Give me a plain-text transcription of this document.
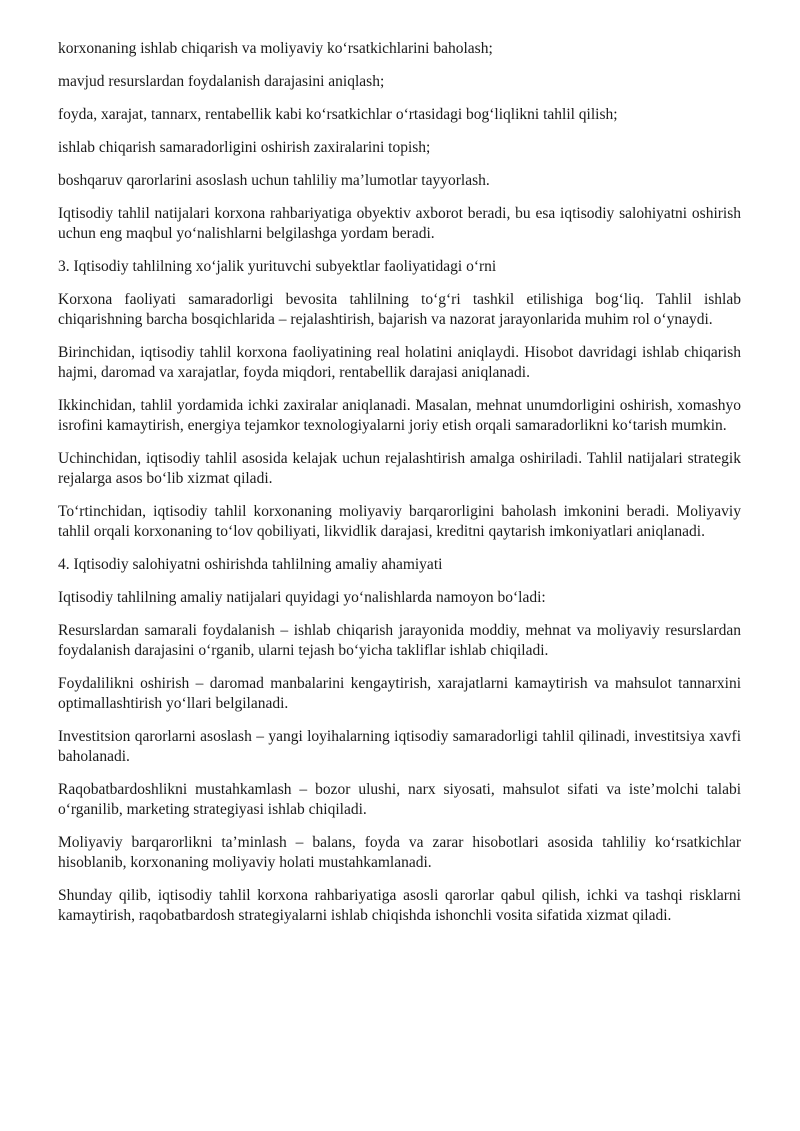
korxonaning ishlab chiqarish va moliyaviy ko‘rsatkichlarini baholash;

mavjud resurslardan foydalanish darajasini aniqlash;

foyda, xarajat, tannarx, rentabellik kabi ko‘rsatkichlar o‘rtasidagi bog‘liqlikni tahlil qilish;

ishlab chiqarish samaradorligini oshirish zaxiralarini topish;

boshqaruv qarorlarini asoslash uchun tahliliy ma’lumotlar tayyorlash.

Iqtisodiy tahlil natijalari korxona rahbariyatiga obyektiv axborot beradi, bu esa iqtisodiy salohiyatni oshirish uchun eng maqbul yo‘nalishlarni belgilashga yordam beradi.

3. Iqtisodiy tahlilning xo‘jalik yurituvchi subyektlar faoliyatidagi o‘rni

Korxona faoliyati samaradorligi bevosita tahlilning to‘g‘ri tashkil etilishiga bog‘liq. Tahlil ishlab chiqarishning barcha bosqichlarida – rejalashtirish, bajarish va nazorat jarayonlarida muhim rol o‘ynaydi.

Birinchidan, iqtisodiy tahlil korxona faoliyatining real holatini aniqlaydi. Hisobot davridagi ishlab chiqarish hajmi, daromad va xarajatlar, foyda miqdori, rentabellik darajasi aniqlanadi.

Ikkinchidan, tahlil yordamida ichki zaxiralar aniqlanadi. Masalan, mehnat unumdorligini oshirish, xomashyo isrofini kamaytirish, energiya tejamkor texnologiyalarni joriy etish orqali samaradorlikni ko‘tarish mumkin.

Uchinchidan, iqtisodiy tahlil asosida kelajak uchun rejalashtirish amalga oshiriladi. Tahlil natijalari strategik rejalarga asos bo‘lib xizmat qiladi.

To‘rtinchidan, iqtisodiy tahlil korxonaning moliyaviy barqarorligini baholash imkonini beradi. Moliyaviy tahlil orqali korxonaning to‘lov qobiliyati, likvidlik darajasi, kreditni qaytarish imkoniyatlari aniqlanadi.

4. Iqtisodiy salohiyatni oshirishda tahlilning amaliy ahamiyati

Iqtisodiy tahlilning amaliy natijalari quyidagi yo‘nalishlarda namoyon bo‘ladi:

Resurslardan samarali foydalanish – ishlab chiqarish jarayonida moddiy, mehnat va moliyaviy resurslardan foydalanish darajasini o‘rganib, ularni tejash bo‘yicha takliflar ishlab chiqiladi.

Foydalilikni oshirish – daromad manbalarini kengaytirish, xarajatlarni kamaytirish va mahsulot tannarxini optimallashtirish yo‘llari belgilanadi.

Investitsion qarorlarni asoslash – yangi loyihalarning iqtisodiy samaradorligi tahlil qilinadi, investitsiya xavfi baholanadi.

Raqobatbardoshlikni mustahkamlash – bozor ulushi, narx siyosati, mahsulot sifati va iste’molchi talabi o‘rganilib, marketing strategiyasi ishlab chiqiladi.

Moliyaviy barqarorlikni ta’minlash – balans, foyda va zarar hisobotlari asosida tahliliy ko‘rsatkichlar hisoblanib, korxonaning moliyaviy holati mustahkamlanadi.

Shunday qilib, iqtisodiy tahlil korxona rahbariyatiga asosli qarorlar qabul qilish, ichki va tashqi risklarni kamaytirish, raqobatbardosh strategiyalarni ishlab chiqishda ishonchli vosita sifatida xizmat qiladi.
